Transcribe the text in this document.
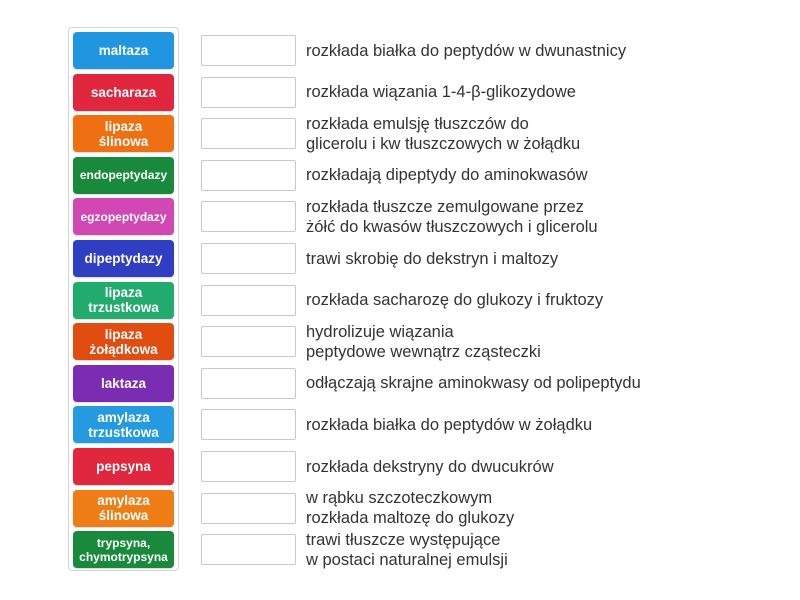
maltaza
sacharaza
lipaza
ślinowa
endopeptydazy
egzopeptydazy
dipeptydazy
lipaza
trzustkowa
lipaza
żołądkowa
laktaza
amylaza
trzustkowa
pepsyna
amylaza
ślinowa
trypsyna,
chymotrypsyna
rozkłada białka do peptydów w dwunastnicy
rozkłada wiązania 1-4-β-glikozydowe
rozkłada emulsję tłuszczów do
glicerolu i kw tłuszczowych w żołądku
rozkładają dipeptydy do aminokwasów
rozkłada tłuszcze zemulgowane przez
żółć do kwasów tłuszczowych i glicerolu
trawi skrobię do dekstryn i maltozy
rozkłada sacharozę do glukozy i fruktozy
hydrolizuje wiązania
peptydowe wewnątrz cząsteczki
odłączają skrajne aminokwasy od polipeptydu
rozkłada białka do peptydów w żołądku
rozkłada dekstryny do dwucukrów
w rąbku szczoteczkowym
rozkłada maltozę do glukozy
trawi tłuszcze występujące
w postaci naturalnej emulsji
